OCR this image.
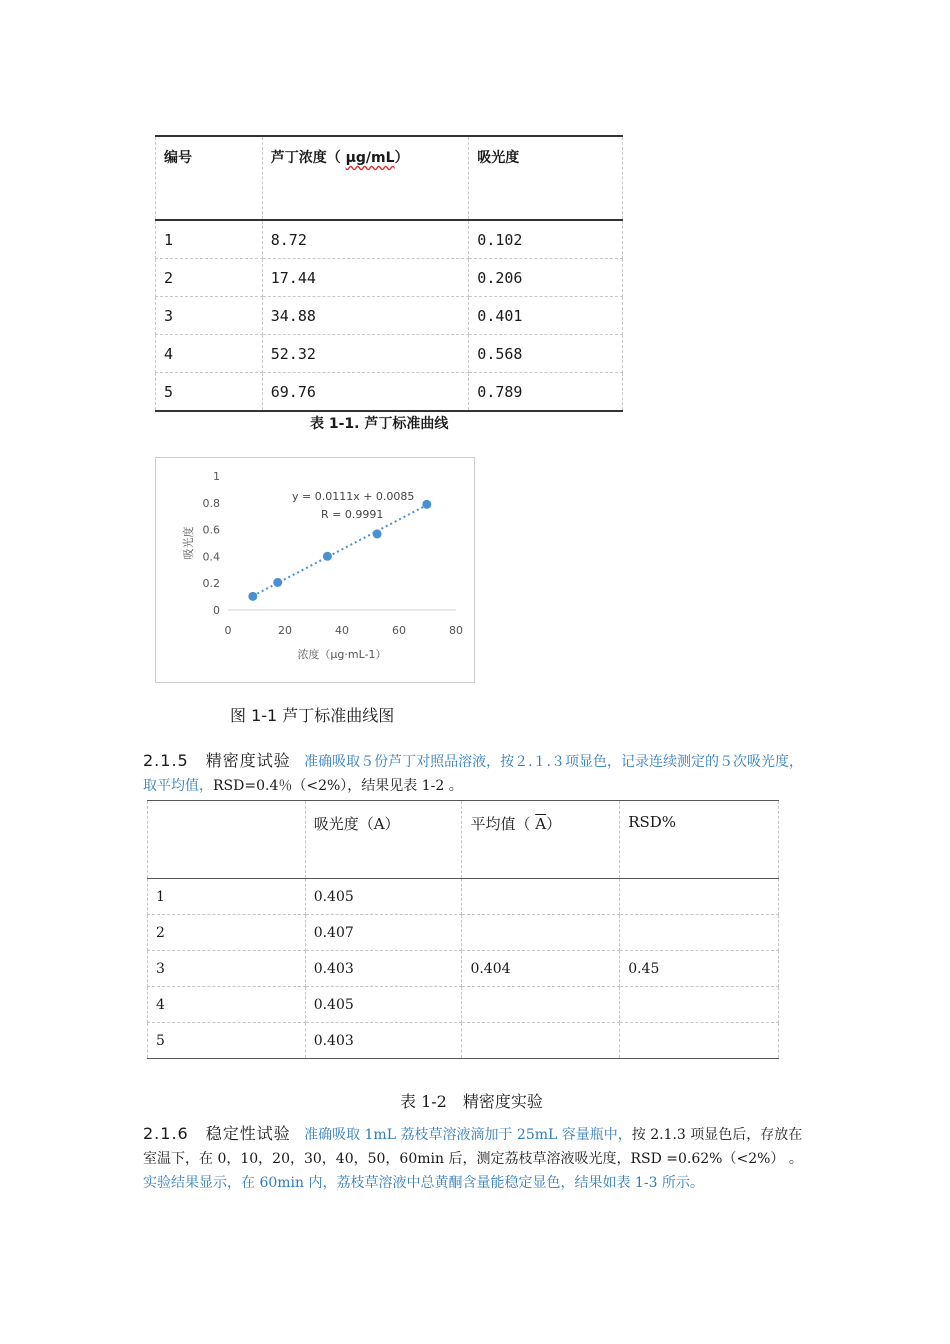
编号	芦丁浓度（ μg/mL）	吸光度
1	8.72	0.102
2	17.44	0.206
3	34.88	0.401
4	52.32	0.568
5	69.76	0.789
表 1-1. 芦丁标准曲线
0
0.2
0.4
0.6
0.8
1
0	20	40	60	80
y = 0.0111x + 0.0085
R = 0.9991
吸光度
浓度（μg·mL-1）
图 1-1 芦丁标准曲线图
2.1.5　精密度试验 准确吸取５份芦丁对照品溶液，按２.１.３项显色，记录连续测定的５次吸光度，取平均值，RSD=0.4％（<2%），结果见表 1-2 。
	吸光度（A）	平均值（ $\overline{A}$）	RSD%
1	0.405		
2	0.407		
3	0.403	0.404	0.45
4	0.405		
5	0.403		
表 1-2　精密度实验
2.1.6　稳定性试验 准确吸取 1mL 荔枝草溶液滴加于 25mL 容量瓶中，按 2.1.3 项显色后，存放在室温下，在 0，10，20，30，40，50，60min 后，测定荔枝草溶液吸光度，RSD =0.62%（<2%） 。实验结果显示，在 60min 内，荔枝草溶液中总黄酮含量能稳定显色，结果如表 1-3 所示。
